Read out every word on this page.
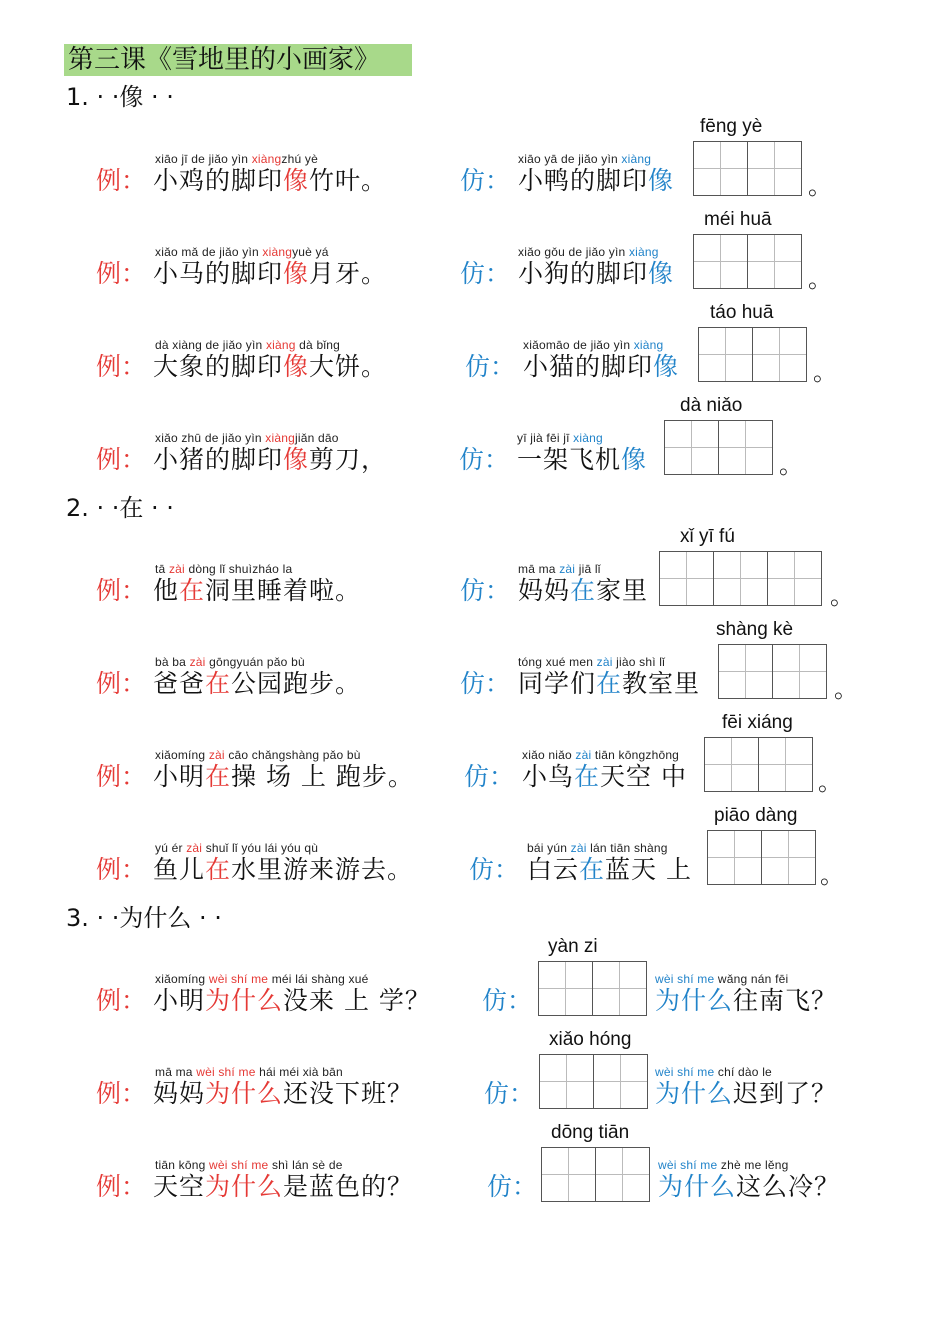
第三课《雪地里的小画家》
1. · ·像 · ·
2. · ·在 · ·
3. · ·为什么 · ·
例：
xiāo jī de jiǎo yìn xiàngzhú yè
小鸡的脚印像竹叶。	仿：
xiāo yā de jiǎo yìn xiàng
小鸭的脚印像
fēng yè
。
例：
xiǎo mǎ de jiǎo yìn xiàngyuè yá
小马的脚印像月牙。	仿：
xiǎo gǒu de jiǎo yìn xiàng
小狗的脚印像
méi huā
。
例：
dà xiàng de jiǎo yìn xiàng dà bǐng
大象的脚印像大饼。	仿：
xiǎomāo de jiǎo yìn xiàng
小猫的脚印像
táo huā
。
例：
xiǎo zhū de jiǎo yìn xiàngjiǎn dāo
小猪的脚印像剪刀，	仿：
yī jià fēi jī xiàng
一架飞机像
dà niǎo
。
例：
tā zài dòng lǐ shuìzháo la
他在洞里睡着啦。	仿：
mā ma zài jiā lǐ
妈妈在家里
xǐ yī fú
。
例：
bà ba zài gōngyuán pǎo bù
爸爸在公园跑步。	仿：
tóng xué men zài jiào shì lǐ
同学们在教室里
shàng kè
。
例：
xiǎomíng zài cāo chǎngshàng pǎo bù
小明在操 场 上 跑步。 仿：
xiǎo niǎo zài tiān kōngzhōng
小鸟在天空 中
fēi xiáng
。
例：
yú ér zài shuǐ lǐ yóu lái yóu qù
鱼儿在水里游来游去。 仿：
bái yún zài lán tiān shàng
白云在蓝天 上
piāo dàng
。
例：
xiǎomíng wèi shí me méi lái shàng xué
小明为什么没来 上 学？ 仿：
yàn zi
wèi shí me wǎng nán fēi
为什么往南飞？
例：
mā ma wèi shí me hái méi xià bān
妈妈为什么还没下班？	仿：
xiǎo hóng
wèi shí me chí dào le
为什么迟到了？
例：
tiān kōng wèi shí me shì lán sè de
天空为什么是蓝色的？	仿：
dōng tiān
wèi shí me zhè me lěng
为什么这么冷？
